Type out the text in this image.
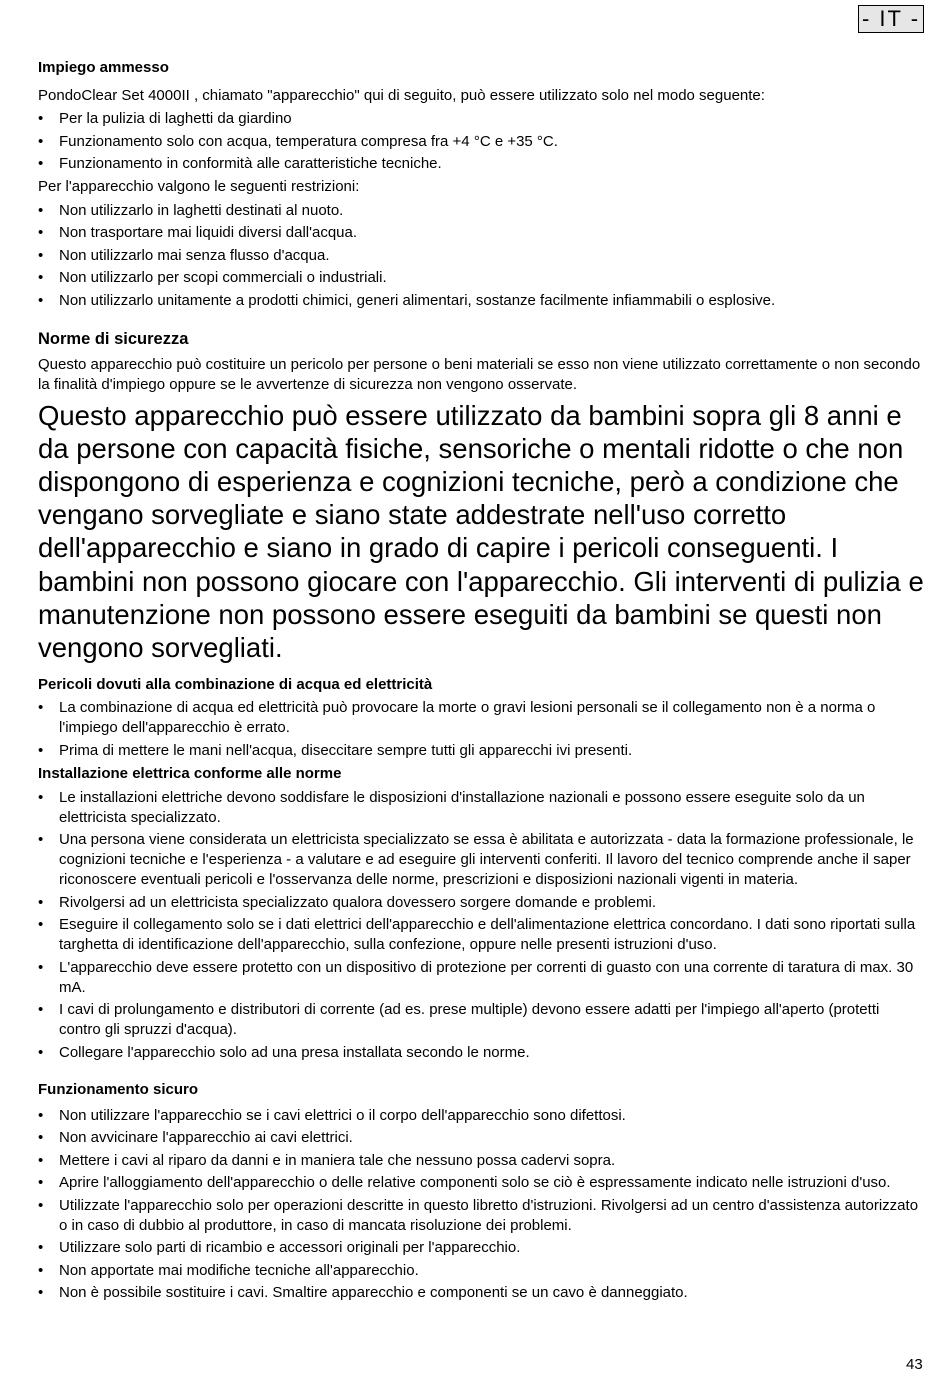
- IT -
Impiego ammesso

PondoClear Set 4000II , chiamato "apparecchio" qui di seguito, può essere utilizzato solo nel modo seguente:

• Per la pulizia di laghetti da giardino
• Funzionamento solo con acqua, temperatura compresa fra +4 °C e +35 °C.
• Funzionamento in conformità alle caratteristiche tecniche.

Per l'apparecchio valgono le seguenti restrizioni:

• Non utilizzarlo in laghetti destinati al nuoto.
• Non trasportare mai liquidi diversi dall'acqua.
• Non utilizzarlo mai senza flusso d'acqua.
• Non utilizzarlo per scopi commerciali o industriali.
• Non utilizzarlo unitamente a prodotti chimici, generi alimentari, sostanze facilmente infiammabili o esplosive.
Norme di sicurezza

Questo apparecchio può costituire un pericolo per persone o beni materiali se esso non viene utilizzato correttamente o non secondo la finalità d'impiego oppure se le avvertenze di sicurezza non vengono osservate.

Questo apparecchio può essere utilizzato da bambini sopra gli 8 anni e da persone con capacità fisiche, sensoriche o mentali ridotte o che non dispongono di esperienza e cognizioni tecniche, però a condizione che vengano sorvegliate e siano state addestrate nell'uso corretto dell'apparecchio e siano in grado di capire i pericoli conseguenti. I bambini non possono giocare con l'apparecchio. Gli interventi di pulizia e manutenzione non possono essere eseguiti da bambini se questi non vengono sorvegliati.

Pericoli dovuti alla combinazione di acqua ed elettricità
• La combinazione di acqua ed elettricità può provocare la morte o gravi lesioni personali se il collegamento non è a norma o l'impiego dell'apparecchio è errato.
• Prima di mettere le mani nell'acqua, diseccitare sempre tutti gli apparecchi ivi presenti.
Installazione elettrica conforme alle norme
• Le installazioni elettriche devono soddisfare le disposizioni d'installazione nazionali e possono essere eseguite solo da un elettricista specializzato.
• Una persona viene considerata un elettricista specializzato se essa è abilitata e autorizzata - data la formazione professionale, le cognizioni tecniche e l'esperienza - a valutare e ad eseguire gli interventi conferiti. Il lavoro del tecnico comprende anche il saper riconoscere eventuali pericoli e l'osservanza delle norme, prescrizioni e disposizioni nazionali vigenti in materia.
• Rivolgersi ad un elettricista specializzato qualora dovessero sorgere domande e problemi.
• Eseguire il collegamento solo se i dati elettrici dell'apparecchio e dell'alimentazione elettrica concordano. I dati sono riportati sulla targhetta di identificazione dell'apparecchio, sulla confezione, oppure nelle presenti istruzioni d'uso.
• L'apparecchio deve essere protetto con un dispositivo di protezione per correnti di guasto con una corrente di taratura di max. 30 mA.
• I cavi di prolungamento e distributori di corrente (ad es. prese multiple) devono essere adatti per l'impiego all'aperto (protetti contro gli spruzzi d'acqua).
• Collegare l'apparecchio solo ad una presa installata secondo le norme.
Funzionamento sicuro
• Non utilizzare l'apparecchio se i cavi elettrici o il corpo dell'apparecchio sono difettosi.
• Non avvicinare l'apparecchio ai cavi elettrici.
• Mettere i cavi al riparo da danni e in maniera tale che nessuno possa cadervi sopra.
• Aprire l'alloggiamento dell'apparecchio o delle relative componenti solo se ciò è espressamente indicato nelle istruzioni d'uso.
• Utilizzate l'apparecchio solo per operazioni descritte in questo libretto d'istruzioni. Rivolgersi ad un centro d'assistenza autorizzato o in caso di dubbio al produttore, in caso di mancata risoluzione dei problemi.
• Utilizzare solo parti di ricambio e accessori originali per l'apparecchio.
• Non apportate mai modifiche tecniche all'apparecchio.
• Non è possibile sostituire i cavi. Smaltire apparecchio e componenti se un cavo è danneggiato.
43
